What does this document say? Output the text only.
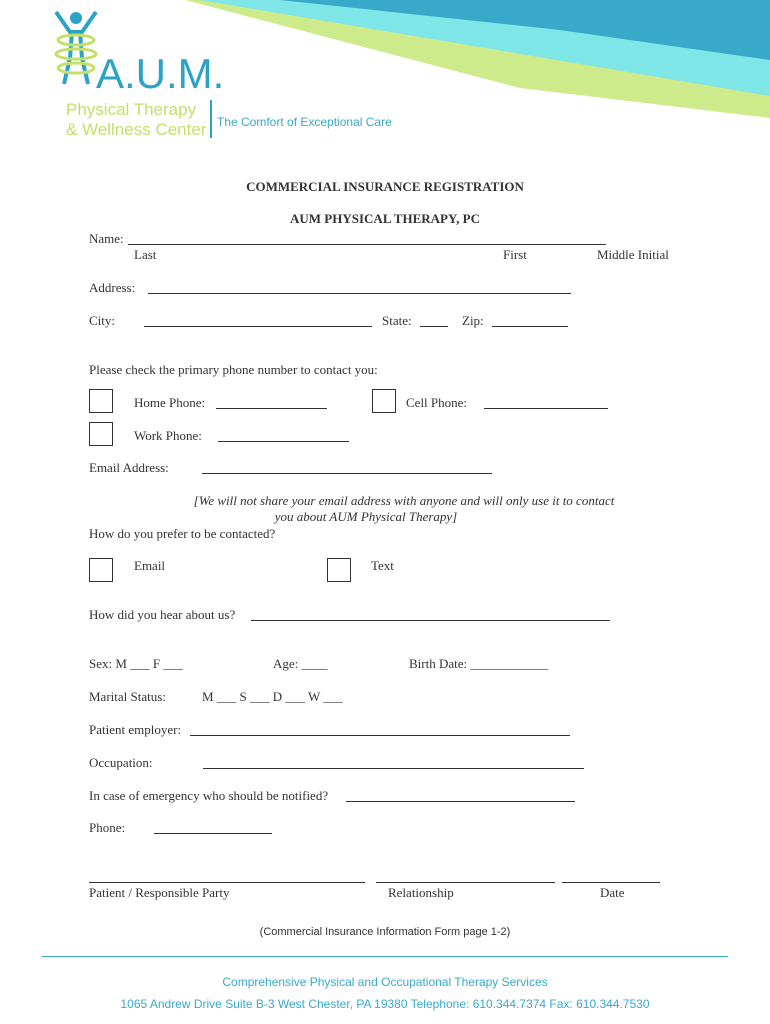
A.U.M.
Physical Therapy
& Wellness Center The Comfort of Exceptional Care
COMMERCIAL INSURANCE REGISTRATION
AUM PHYSICAL THERAPY, PC
Name:
Last	First	Middle Initial
Address:
City:	State:	Zip:
Please check the primary phone number to contact you:
Home Phone:	Cell Phone:
Work Phone:
Email Address:
[We will not share your email address with anyone and will only use it to contact
you about AUM Physical Therapy]
How do you prefer to be contacted?
Email	Text
How did you hear about us?
Sex: M ___ F ___	Age: ____	Birth Date: ____________
Marital Status:	M ___ S ___ D ___ W ___
Patient employer:
Occupation:
In case of emergency who should be notified?
Phone:
Patient / Responsible Party	Relationship	Date
(Commercial Insurance Information Form page 1-2)
Comprehensive Physical and Occupational Therapy Services
1065 Andrew Drive Suite B-3 West Chester, PA 19380 Telephone: 610.344.7374 Fax: 610.344.7530
